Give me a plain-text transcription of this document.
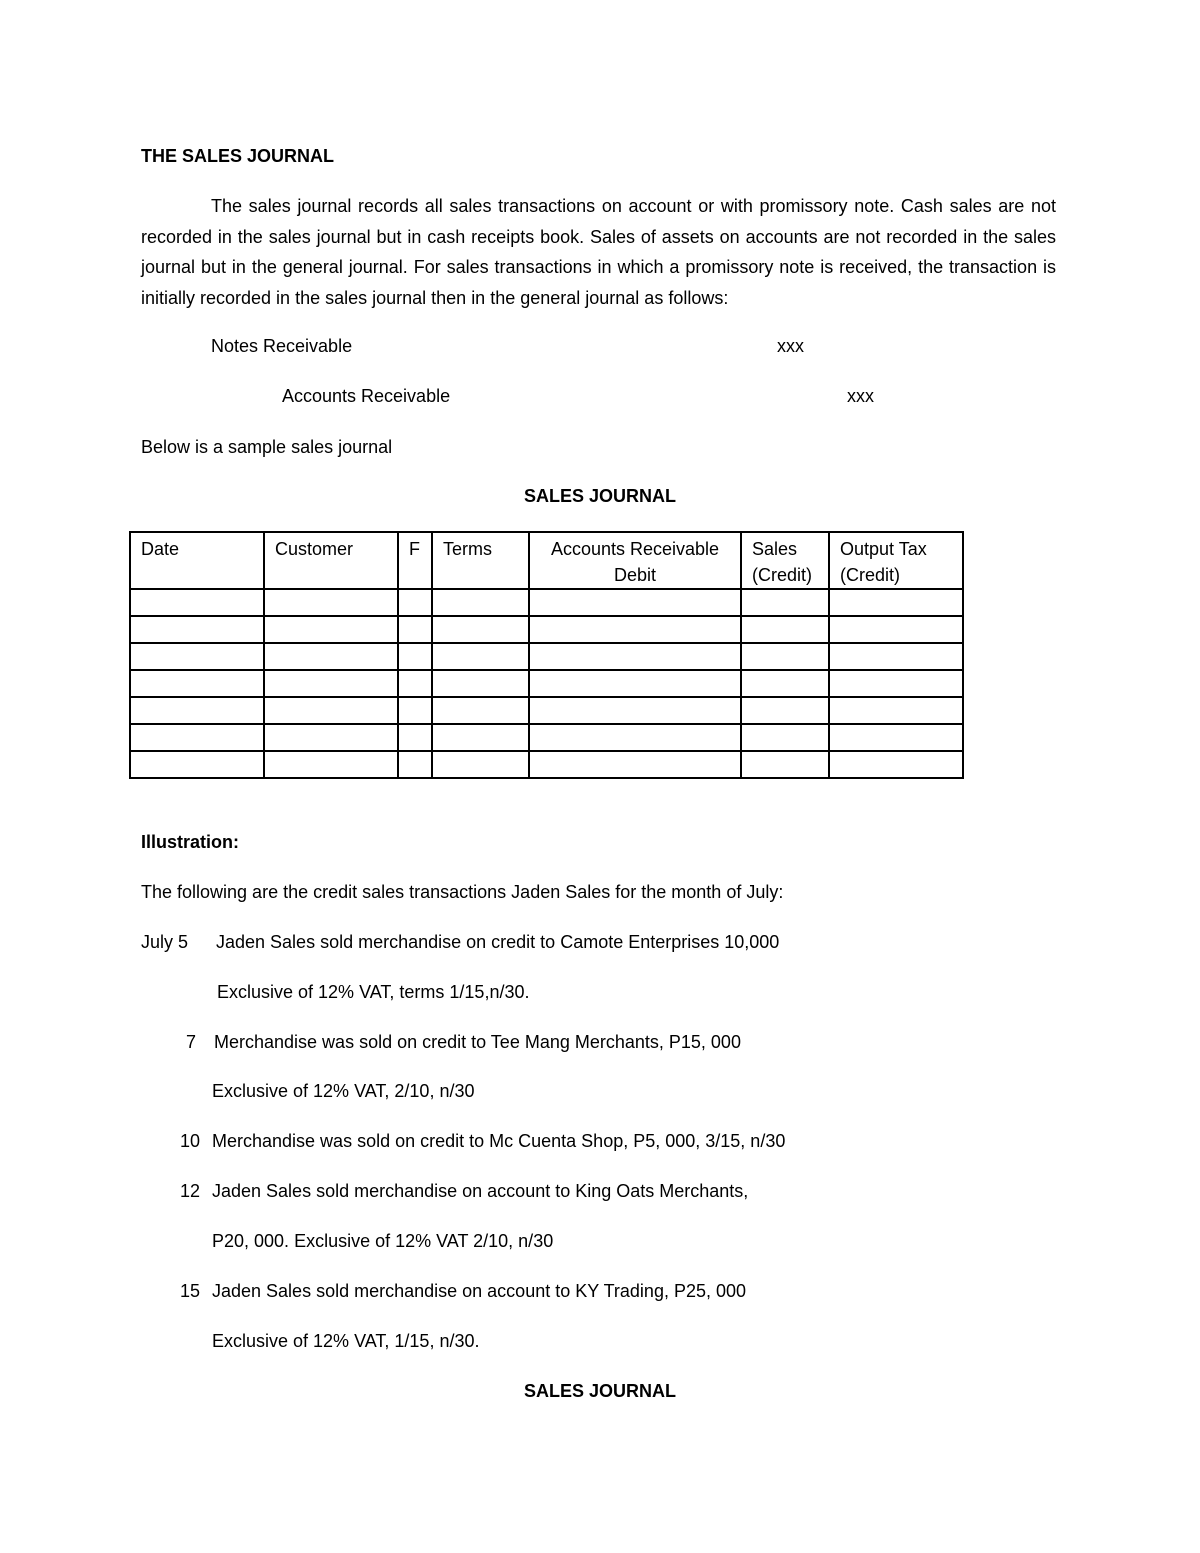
THE SALES JOURNAL
The sales journal records all sales transactions on account or with promissory note. Cash sales are not recorded in the sales journal but in cash receipts book. Sales of assets on accounts are not recorded in the sales journal but in the general journal. For sales transactions in which a promissory note is received, the transaction is initially recorded in the sales journal then in the general journal as follows:
Notes Receivable	xxx
Accounts Receivable	xxx
Below is a sample sales journal
SALES JOURNAL
Date	Customer	F	Terms	Accounts Receivable Debit	Sales (Credit)	Output Tax (Credit)

Illustration:
The following are the credit sales transactions Jaden Sales for the month of July:
July 5 Jaden Sales sold merchandise on credit to Camote Enterprises 10,000
Exclusive of 12% VAT, terms 1/15,n/30.
7 Merchandise was sold on credit to Tee Mang Merchants, P15, 000
Exclusive of 12% VAT, 2/10, n/30
10 Merchandise was sold on credit to Mc Cuenta Shop, P5, 000, 3/15, n/30
12 Jaden Sales sold merchandise on account to King Oats Merchants,
P20, 000. Exclusive of 12% VAT 2/10, n/30
15 Jaden Sales sold merchandise on account to KY Trading, P25, 000
Exclusive of 12% VAT, 1/15, n/30.
SALES JOURNAL
